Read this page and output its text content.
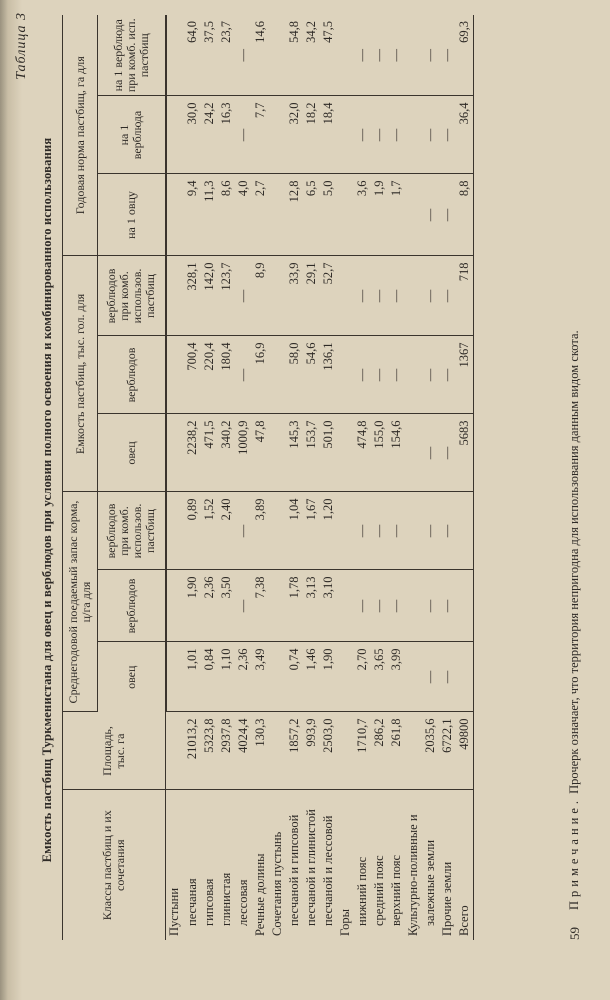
Таблица 3
Емкость пастбищ Туркменистана для овец и верблюдов при условии полного освоения и комбинированного использования
Классы пастбищ и их сочетания	Площадь, тыс. га	Среднегодовой поедаемый запас корма, ц/га для			Емкость пастбищ, тыс. гол. для			Годовая норма пастбищ, га для		
		овец	верблюдов	верблюдов при комб. использов. пастбищ	овец	верблюдов	верблюдов при комб. использов. пастбищ	на 1 овцу	на 1 верблюда	на 1 верблюда при комб. исп. пастбищ
Пустыни										
песчаная	21013,2	1,01	1,90	0,89	2238,2	700,4	328,1	9,4	30,0	64,0
гипсовая	5323,8	0,84	2,36	1,52	471,5	220,4	142,0	11,3	24,2	37,5
глинистая	2937,8	1,10	3,50	2,40	340,2	180,4	123,7	8,6	16,3	23,7
лессовая	4024,4	2,36	—	—	1000,9	—	—	4,0	—	—
Речные долины	130,3	3,49	7,38	3,89	47,8	16,9	8,9	2,7	7,7	14,6
Сочетания пустынь										
песчаной и гипсовой	1857,2	0,74	1,78	1,04	145,3	58,0	33,9	12,8	32,0	54,8
песчаной и глинистой	993,9	1,46	3,13	1,67	153,7	54,6	29,1	6,5	18,2	34,2
песчаной и лессовой	2503,0	1,90	3,10	1,20	501,0	136,1	52,7	5,0	18,4	47,5
Горы										
нижний пояс	1710,7	2,70	—	—	474,8	—	—	3,6	—	—
средний пояс	286,2	3,65	—	—	155,0	—	—	1,9	—	—
верхний пояс	261,8	3,99	—	—	154,6	—	—	1,7	—	—
Культурно-поливные и										
залежные земли	2035,6	—	—	—	—	—	—	—	—	—
Прочие земли	6722,1	—	—	—	—	—	—	—	—	—
Всего	49800				5683	1367	718	8,8	36,4	69,3
59
Примечание. Прочерк означает, что территория непригодна для использования данным видом скота.
